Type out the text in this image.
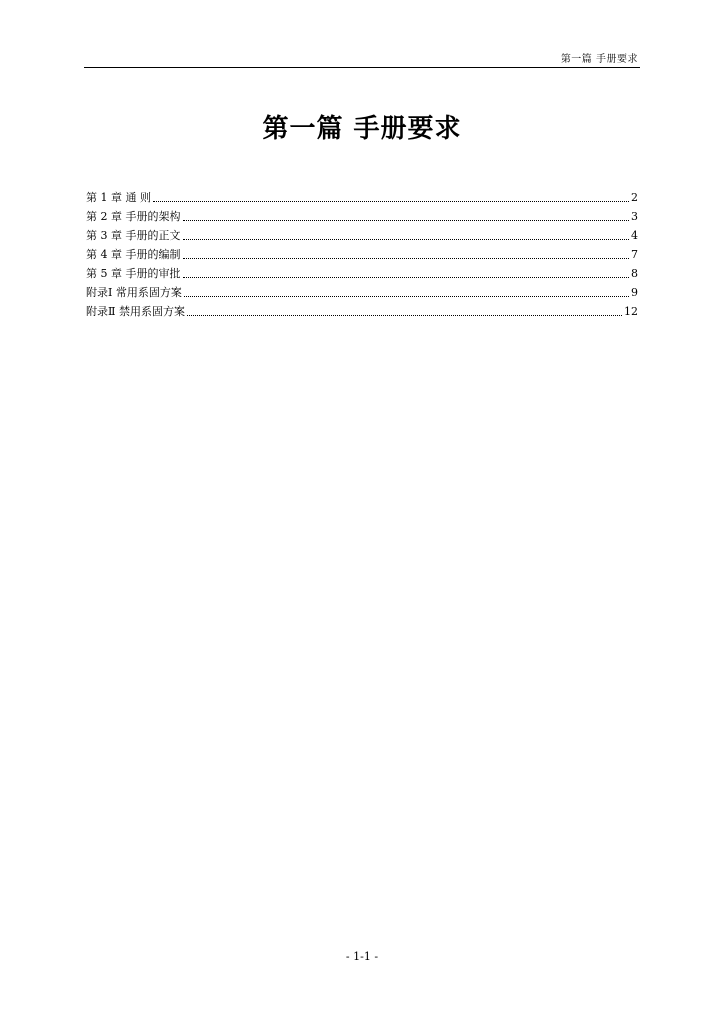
第一篇 手册要求
第一篇 手册要求
第 1 章 通 则	2
第 2 章 手册的架构	3
第 3 章 手册的正文	4
第 4 章 手册的编制	7
第 5 章 手册的审批	8
附录Ⅰ 常用系固方案	9
附录Ⅱ 禁用系固方案	12
- 1-1 -
